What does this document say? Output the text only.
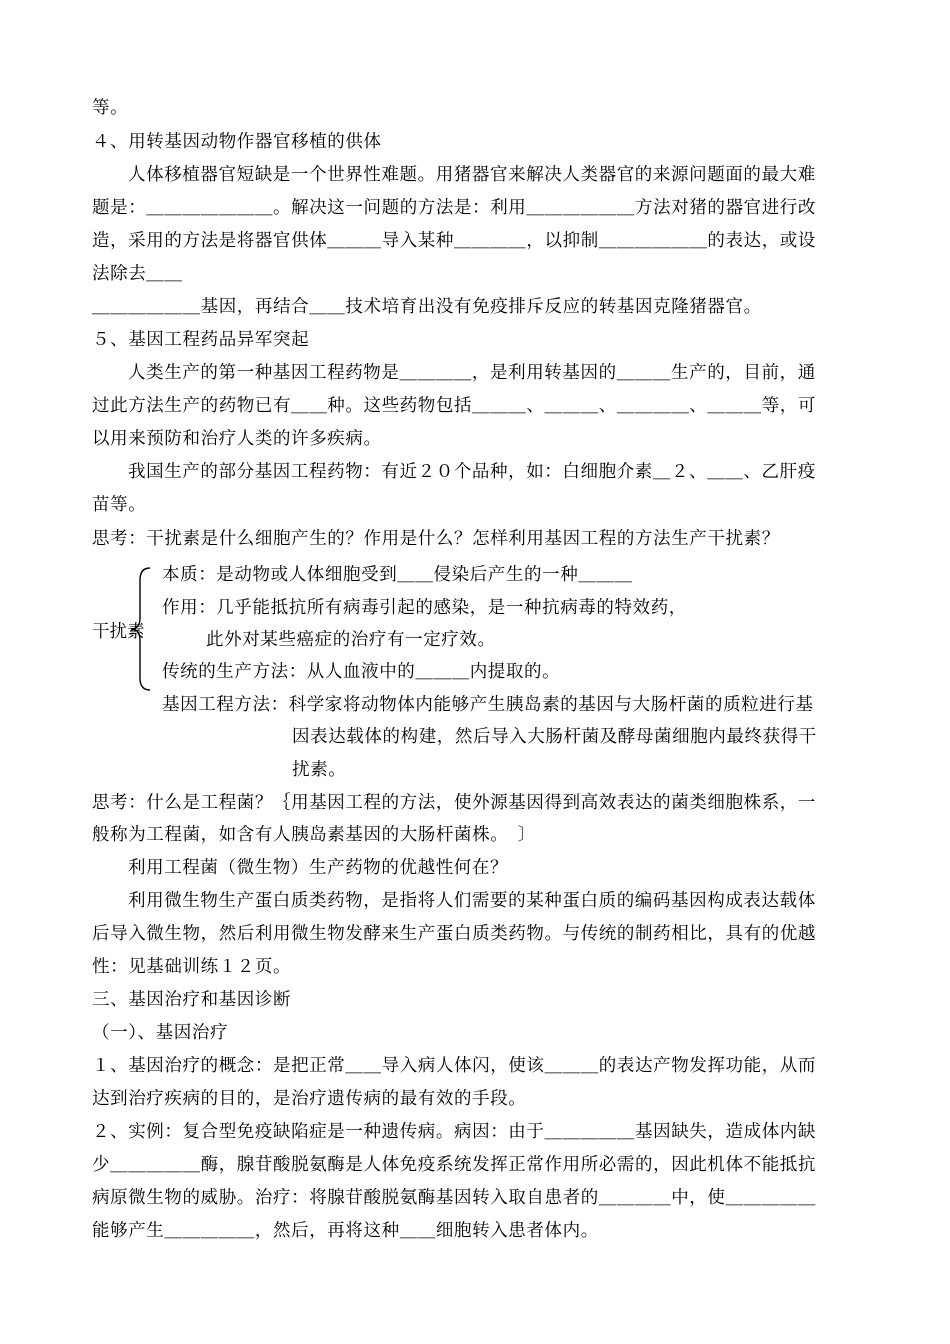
等。
４、用转基因动物作器官移植的供体
人体移植器官短缺是一个世界性难题。用猪器官来解决人类器官的来源问题面的最大难
题是：＿＿＿＿＿＿＿。解决这一问题的方法是：利用＿＿＿＿＿＿方法对猪的器官进行改
造，采用的方法是将器官供体＿＿＿导入某种＿＿＿＿，以抑制＿＿＿＿＿＿的表达，或设
法除去＿＿
＿＿＿＿＿＿基因，再结合＿＿技术培育出没有免疫排斥反应的转基因克隆猪器官。
５、基因工程药品异军突起
人类生产的第一种基因工程药物是＿＿＿＿，是利用转基因的＿＿＿生产的，目前，通
过此方法生产的药物已有＿＿种。这些药物包括＿＿＿、＿＿＿、＿＿＿＿、＿＿＿等，可
以用来预防和治疗人类的许多疾病。
我国生产的部分基因工程药物：有近２０个品种，如：白细胞介素＿２、＿＿、乙肝疫
苗等。
思考：干扰素是什么细胞产生的？作用是什么？怎样利用基因工程的方法生产干扰素？
本质：是动物或人体细胞受到＿＿侵染后产生的一种＿＿＿
作用：几乎能抵抗所有病毒引起的感染，是一种抗病毒的特效药，
干扰素	此外对某些癌症的治疗有一定疗效。
传统的生产方法：从人血液中的＿＿＿内提取的。
基因工程方法：科学家将动物体内能够产生胰岛素的基因与大肠杆菌的质粒进行基
因表达载体的构建，然后导入大肠杆菌及酵母菌细胞内最终获得干
扰素。
思考：什么是工程菌？｛用基因工程的方法，使外源基因得到高效表达的菌类细胞株系，一
般称为工程菌，如含有人胰岛素基因的大肠杆菌株。　〕
利用工程菌（微生物）生产药物的优越性何在？
利用微生物生产蛋白质类药物，是指将人们需要的某种蛋白质的编码基因构成表达载体
后导入微生物，然后利用微生物发酵来生产蛋白质类药物。与传统的制药相比，具有的优越
性：见基础训练１２页。
三、基因治疗和基因诊断
（一）、基因治疗
１、基因治疗的概念：是把正常＿＿导入病人体闪，使该＿＿＿的表达产物发挥功能，从而
达到治疗疾病的目的，是治疗遗传病的最有效的手段。
２、实例：复合型免疫缺陷症是一种遗传病。病因：由于＿＿＿＿＿基因缺失，造成体内缺
少＿＿＿＿＿酶，腺苷酸脱氨酶是人体免疫系统发挥正常作用所必需的，因此机体不能抵抗
病原微生物的威胁。治疗：将腺苷酸脱氨酶基因转入取自患者的＿＿＿＿中，使＿＿＿＿＿
能够产生＿＿＿＿＿，然后，再将这种＿＿细胞转入患者体内。
